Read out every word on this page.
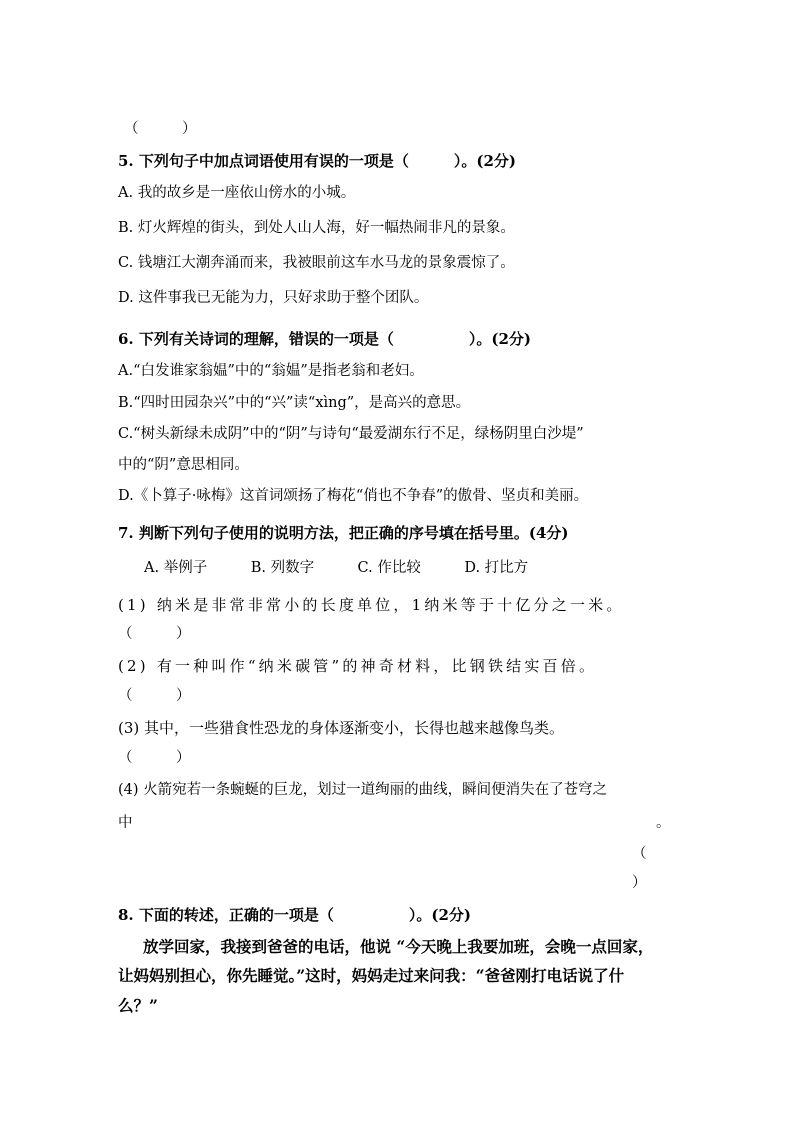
（　　　）
5. 下列句子中加点词语使用有误的一项是（　　　）。(2分)
A. 我的故乡是一座依山傍水的小城。
B. 灯火辉煌的街头，到处人山人海，好一幅热闹非凡的景象。
C. 钱塘江大潮奔涌而来，我被眼前这车水马龙的景象震惊了。
D. 这件事我已无能为力，只好求助于整个团队。
6. 下列有关诗词的理解，错误的一项是（　　　　　）。(2分)
A.“白发谁家翁媪”中的“翁媪”是指老翁和老妇。
B.“四时田园杂兴”中的“兴”读“xìng”，是高兴的意思。
C.“树头新绿未成阴”中的“阴”与诗句“最爱湖东行不足，绿杨阴里白沙堤”
中的“阴”意思相同。
D.《卜算子·咏梅》这首词颂扬了梅花“俏也不争春”的傲骨、坚贞和美丽。
7. 判断下列句子使用的说明方法，把正确的序号填在括号里。(4分)
A. 举例子　　　B. 列数字　　　C. 作比较　　　D. 打比方
(1) 纳米是非常非常小的长度单位，1纳米等于十亿分之一米。
（　　　）
(2) 有一种叫作“纳米碳管”的神奇材料，比钢铁结实百倍。
（　　　）
(3) 其中，一些猎食性恐龙的身体逐渐变小，长得也越来越像鸟类。
（　　　）
(4) 火箭宛若一条蜿蜒的巨龙，划过一道绚丽的曲线，瞬间便消失在了苍穹之
中	。
（
）
8. 下面的转述，正确的一项是（　　　　　）。(2分)
放学回家，我接到爸爸的电话，他说 “今天晚上我要加班，会晚一点回家，
让妈妈别担心，你先睡觉。”这时，妈妈走过来问我：“爸爸刚打电话说了什
么？”
